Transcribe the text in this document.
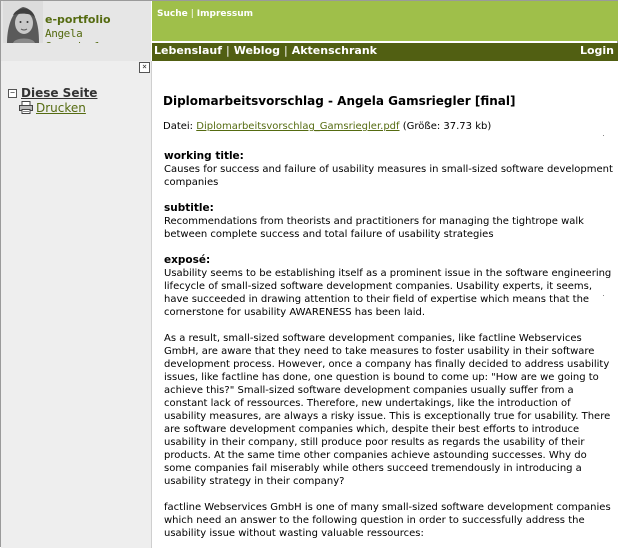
e-portfolio
Angela
Suche | Impressum
Lebenslauf | Weblog | Aktenschrank	Login
×
− Diese Seite
Drucken	Diplomarbeitsvorschlag - Angela Gamsriegler [final]
Datei: Diplomarbeitsvorschlag_Gamsriegler.pdf (Größe: 37.73 kb)

working title:
Causes for success and failure of usability measures in small-sized software development companies

subtitle:
Recommendations from theorists and practitioners for managing the tightrope walk between complete success and total failure of usability strategies

exposé:
Usability seems to be establishing itself as a prominent issue in the software engineering lifecycle of small-sized software development companies. Usability experts, it seems, have succeeded in drawing attention to their field of expertise which means that the cornerstone for usability AWARENESS has been laid.

As a result, small-sized software development companies, like factline Webservices GmbH, are aware that they need to take measures to foster usability in their software development process. However, once a company has finally decided to address usability issues, like factline has done, one question is bound to come up: "How are we going to achieve this?" Small-sized software development companies usually suffer from a constant lack of ressources. Therefore, new undertakings, like the introduction of usability measures, are always a risky issue. This is exceptionally true for usability. There are software development companies which, despite their best efforts to introduce usability in their company, still produce poor results as regards the usability of their products. At the same time other companies achieve astounding successes. Why do some companies fail miserably while others succeed tremendously in introducing a usability strategy in their company?

factline Webservices GmbH is one of many small-sized software development companies which need an answer to the following question in order to successfully address the usability issue without wasting valuable ressources:
